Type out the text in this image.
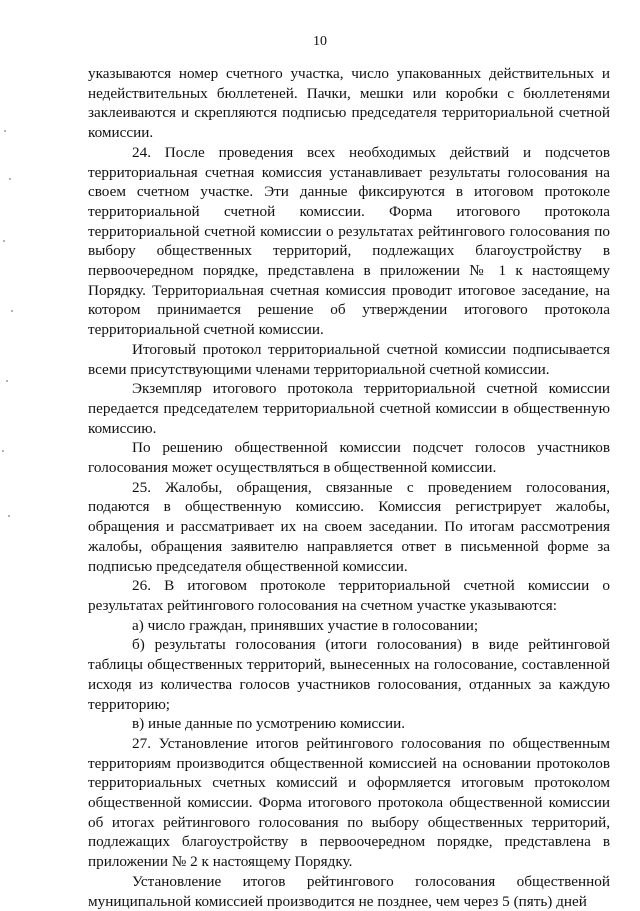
10

указываются номер счетного участка, число упакованных действительных и недействительных бюллетеней. Пачки, мешки или коробки с бюллетенями заклеиваются и скрепляются подписью председателя территориальной счетной комиссии.

24. После проведения всех необходимых действий и подсчетов территориальная счетная комиссия устанавливает результаты голосования на своем счетном участке. Эти данные фиксируются в итоговом протоколе территориальной счетной комиссии. Форма итогового протокола территориальной счетной комиссии о результатах рейтингового голосования по выбору общественных территорий, подлежащих благоустройству в первоочередном порядке, представлена в приложении № 1 к настоящему Порядку. Территориальная счетная комиссия проводит итоговое заседание, на котором принимается решение об утверждении итогового протокола территориальной счетной комиссии.

Итоговый протокол территориальной счетной комиссии подписывается всеми присутствующими членами территориальной счетной комиссии.

Экземпляр итогового протокола территориальной счетной комиссии передается председателем территориальной счетной комиссии в общественную комиссию.

По решению общественной комиссии подсчет голосов участников голосования может осуществляться в общественной комиссии.

25. Жалобы, обращения, связанные с проведением голосования, подаются в общественную комиссию. Комиссия регистрирует жалобы, обращения и рассматривает их на своем заседании. По итогам рассмотрения жалобы, обращения заявителю направляется ответ в письменной форме за подписью председателя общественной комиссии.

26. В итоговом протоколе территориальной счетной комиссии о результатах рейтингового голосования на счетном участке указываются:

а) число граждан, принявших участие в голосовании;

б) результаты голосования (итоги голосования) в виде рейтинговой таблицы общественных территорий, вынесенных на голосование, составленной исходя из количества голосов участников голосования, отданных за каждую территорию;

в) иные данные по усмотрению комиссии.

27. Установление итогов рейтингового голосования по общественным территориям производится общественной комиссией на основании протоколов территориальных счетных комиссий и оформляется итоговым протоколом общественной комиссии. Форма итогового протокола общественной комиссии об итогах рейтингового голосования по выбору общественных территорий, подлежащих благоустройству в первоочередном порядке, представлена в приложении № 2 к настоящему Порядку.

Установление итогов рейтингового голосования общественной муниципальной комиссией производится не позднее, чем через 5 (пять) дней
